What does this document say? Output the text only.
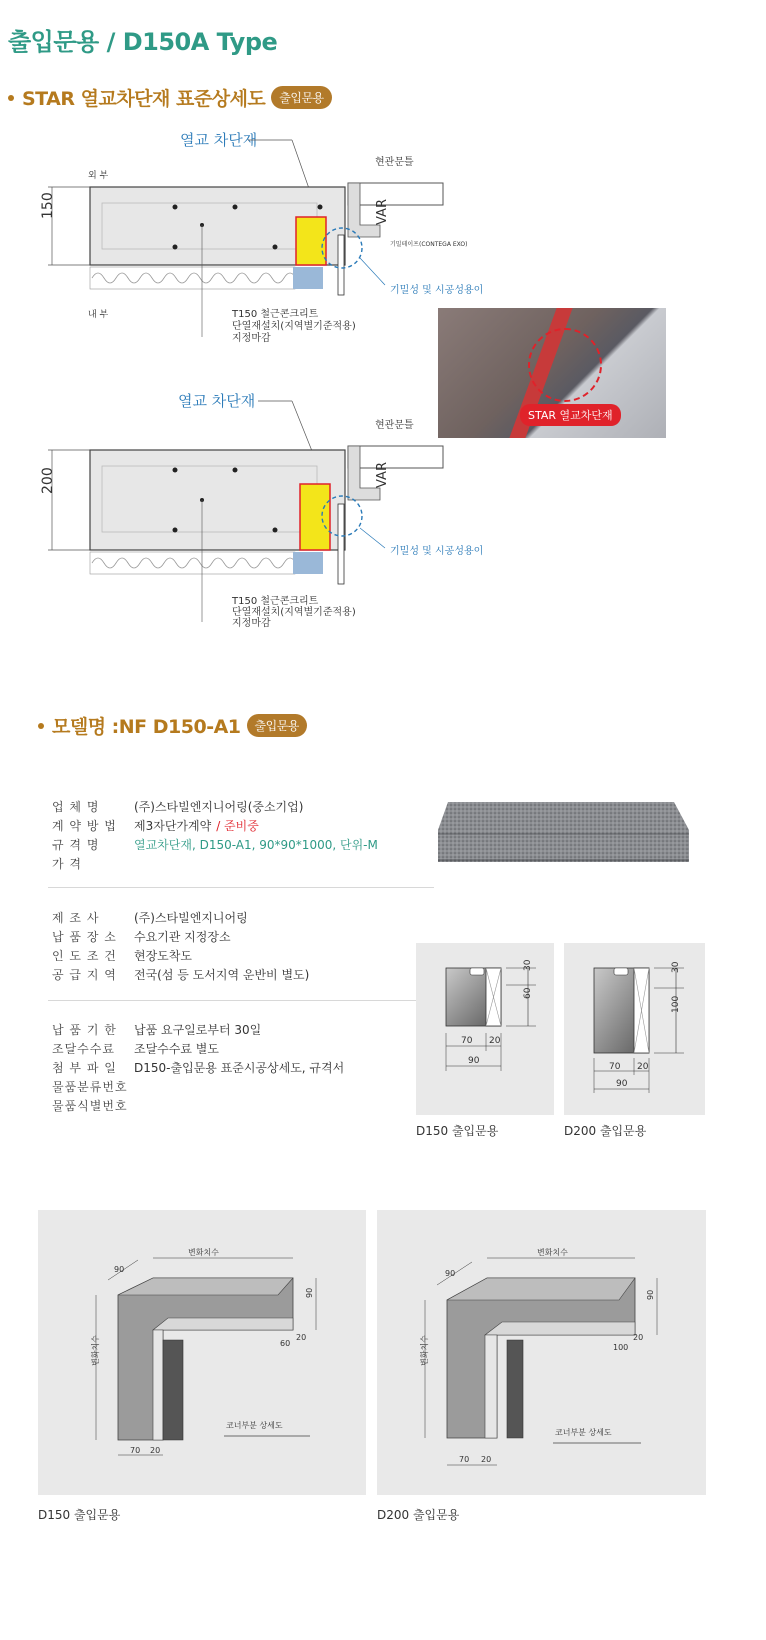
출입문용 / D150A Type
STAR 열교차단재 표준상세도	출입문용
열교 차단재
외 부
내 부
150
현관문틀
VAR
기밀테이프(CONTEGA EXO)
기밀성 및 시공성용이
T150 철근콘크리트
단열재설치(지역별기준적용)
지정마감
STAR 열교차단재
열교 차단재
200
현관문틀
VAR
기밀성 및 시공성용이
T150 철근콘크리트
단열재설치(지역별기준적용)
지정마감
모델명 :NF D150-A1	출입문용
업 체 명	(주)스타빌엔지니어링(중소기업)
계 약 방 법	제3자단가계약 / 준비중
규 격 명	열교차단재, D150-A1, 90*90*1000, 단위-M
가 격
제 조 사	(주)스타빌엔지니어링
납 품 장 소	수요기관 지정장소
인 도 조 건	현장도착도
공 급 지 역	전국(섬 등 도서지역 운반비 별도)
납 품 기 한	납품 요구일로부터 30일
조달수수료	조달수수료 별도
첨 부 파 일	D150-출입문용 표준시공상세도, 규격서
물품분류번호
물품식별번호
30
60
70 20
90
D150 출입문용
30
100
70 20
90
D200 출입문용
변화치수
90
90
60
20
변화치수
70 20
코너부분 상세도
D150 출입문용
변화치수
90
90
100
20
변화치수
70 20
코너부분 상세도
D200 출입문용
